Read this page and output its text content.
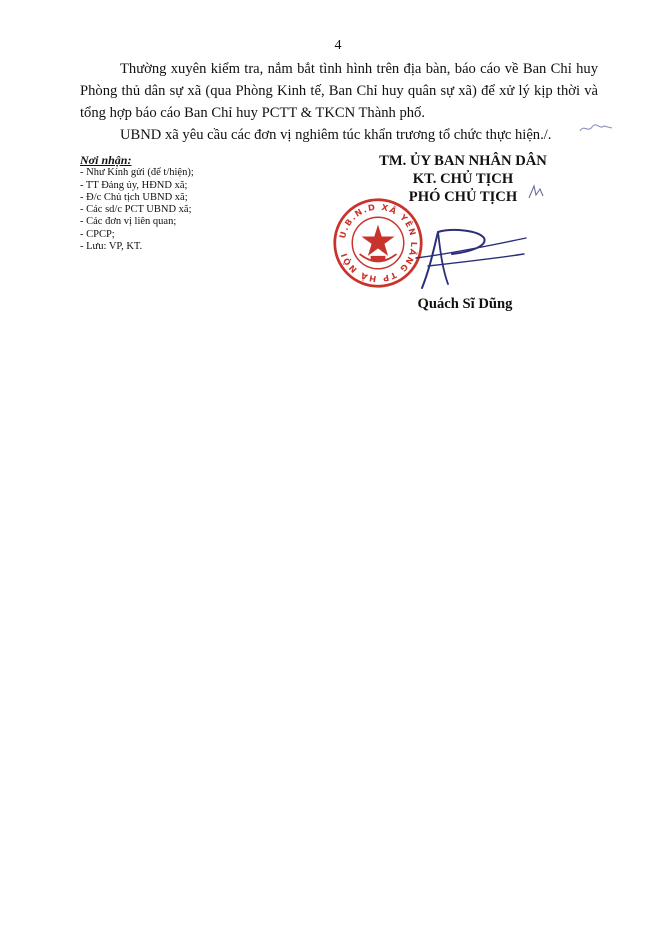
4

Thường xuyên kiểm tra, nắm bắt tình hình trên địa bàn, báo cáo về Ban Chỉ huy Phòng thủ dân sự xã (qua Phòng Kinh tế, Ban Chỉ huy quân sự xã) để xử lý kịp thời và tổng hợp báo cáo Ban Chỉ huy PCTT & TKCN Thành phố.

UBND xã yêu cầu các đơn vị nghiêm túc khẩn trương tổ chức thực hiện./.

Nơi nhận:
- Như Kính gửi (để t/hiện);
- TT Đảng ủy, HĐND xã;
- Đ/c Chủ tịch UBND xã;
- Các sd/c PCT UBND xã;
- Các đơn vị liên quan;
- CPCP;
- Lưu: VP, KT.
TM. ỦY BAN NHÂN DÂN
KT. CHỦ TỊCH
PHÓ CHỦ TỊCH
U.B.N.D XÃ YÊN LÃNG TP HÀ NỘI
Quách Sĩ Dũng
